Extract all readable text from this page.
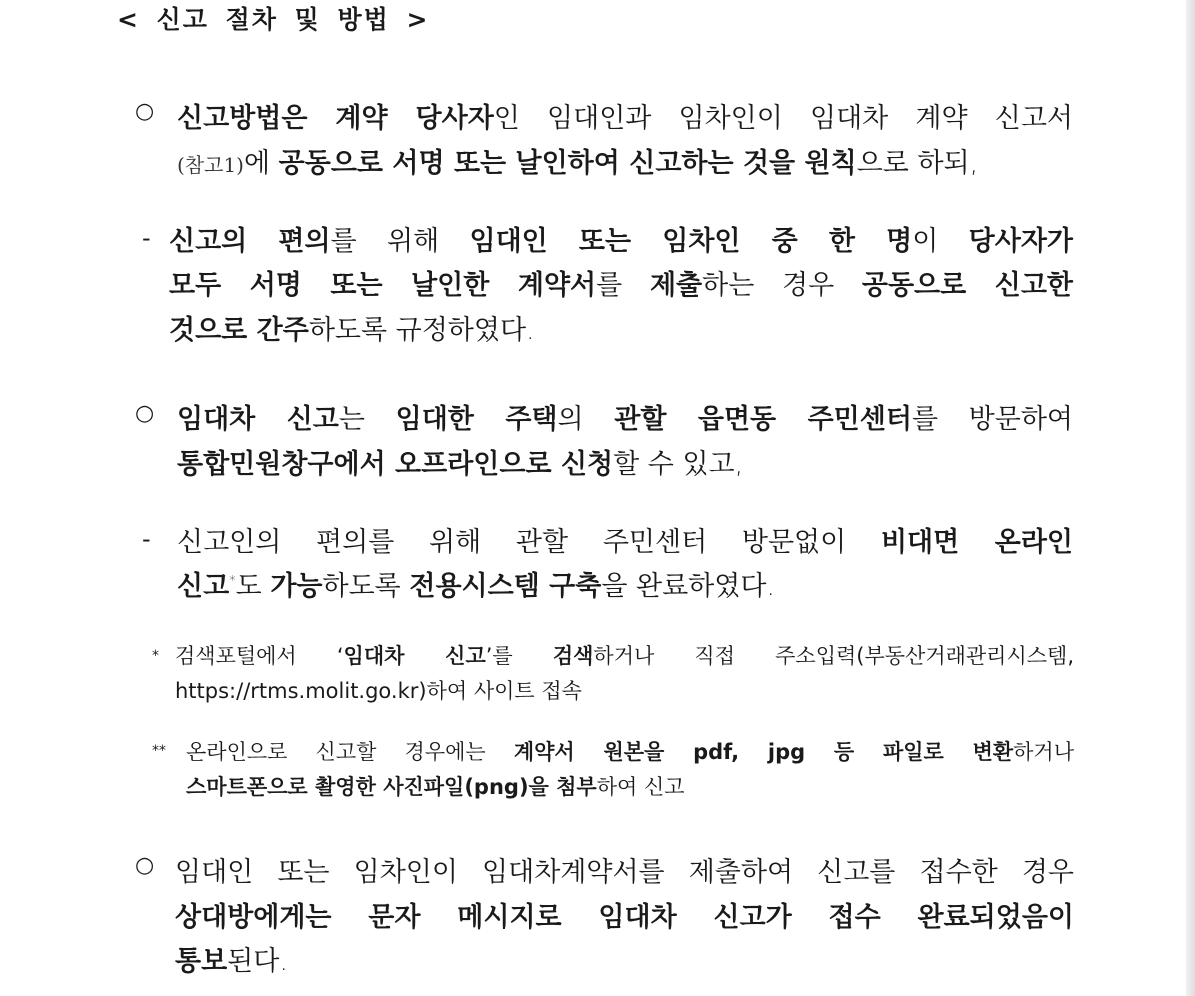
< 신고 절차 및 방법 >
○ 신고방법은 계약 당사자인 임대인과 임차인이 임대차 계약 신고서
(참고1)에 공동으로 서명 또는 날인하여 신고하는 것을 원칙으로 하되,
- 신고의 편의를 위해 임대인 또는 임차인 중 한 명이 당사자가
모두 서명 또는 날인한 계약서를 제출하는 경우 공동으로 신고한
것으로 간주하도록 규정하였다.
○ 임대차 신고는 임대한 주택의 관할 읍면동 주민센터를 방문하여
통합민원창구에서 오프라인으로 신청할 수 있고,
- 신고인의 편의를 위해 관할 주민센터 방문없이 비대면 온라인
신고*도 가능하도록 전용시스템 구축을 완료하였다.
* 검색포털에서 ‘임대차 신고’를 검색하거나 직접 주소입력(부동산거래관리시스템,
https://rtms.molit.go.kr)하여 사이트 접속
** 온라인으로 신고할 경우에는 계약서 원본을 pdf, jpg 등 파일로 변환하거나
스마트폰으로 촬영한 사진파일(png)을 첨부하여 신고
○ 임대인 또는 임차인이 임대차계약서를 제출하여 신고를 접수한 경우
상대방에게는 문자 메시지로 임대차 신고가 접수 완료되었음이
통보된다.
